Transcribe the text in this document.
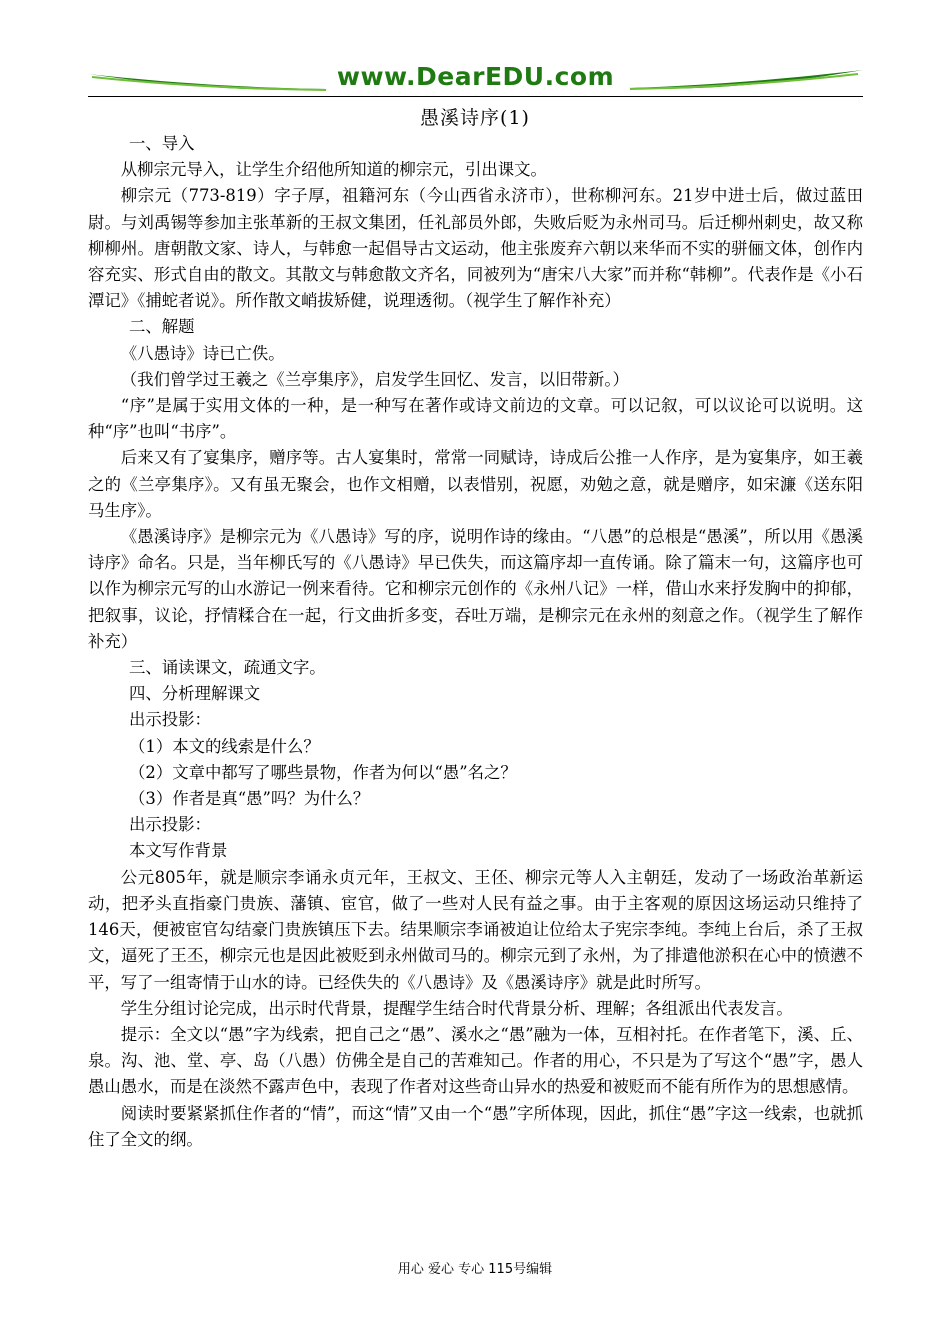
www.DearEDU.com
愚溪诗序(1)

一、导入

从柳宗元导入，让学生介绍他所知道的柳宗元，引出课文。

柳宗元（773-819）字子厚，祖籍河东（今山西省永济市），世称柳河东。21岁中进士后，做过蓝田尉。与刘禹锡等参加主张革新的王叔文集团，任礼部员外郎，失败后贬为永州司马。后迁柳州刺史，故又称柳柳州。唐朝散文家、诗人，与韩愈一起倡导古文运动，他主张废弃六朝以来华而不实的骈俪文体，创作内容充实、形式自由的散文。其散文与韩愈散文齐名，同被列为“唐宋八大家”而并称“韩柳”。代表作是《小石潭记》《捕蛇者说》。所作散文峭拔矫健，说理透彻。（视学生了解作补充）

二、解题

《八愚诗》诗已亡佚。

（我们曾学过王羲之《兰亭集序》，启发学生回忆、发言，以旧带新。）

“序”是属于实用文体的一种，是一种写在著作或诗文前边的文章。可以记叙，可以议论可以说明。这种“序”也叫“书序”。

后来又有了宴集序，赠序等。古人宴集时，常常一同赋诗，诗成后公推一人作序，是为宴集序，如王羲之的《兰亭集序》。又有虽无聚会，也作文相赠，以表惜别，祝愿，劝勉之意，就是赠序，如宋濂《送东阳马生序》。

《愚溪诗序》是柳宗元为《八愚诗》写的序，说明作诗的缘由。“八愚”的总根是“愚溪”，所以用《愚溪诗序》命名。只是，当年柳氏写的《八愚诗》早已佚失，而这篇序却一直传诵。除了篇末一句，这篇序也可以作为柳宗元写的山水游记一例来看待。它和柳宗元创作的《永州八记》一样，借山水来抒发胸中的抑郁，把叙事，议论，抒情糅合在一起，行文曲折多变，吞吐万端，是柳宗元在永州的刻意之作。（视学生了解作补充）

三、诵读课文，疏通文字。

四、分析理解课文

出示投影：

（1）本文的线索是什么？

（2）文章中都写了哪些景物，作者为何以“愚”名之？

（3）作者是真“愚”吗？为什么？

出示投影：

本文写作背景

公元805年，就是顺宗李诵永贞元年，王叔文、王伾、柳宗元等人入主朝廷，发动了一场政治革新运动，把矛头直指豪门贵族、藩镇、宦官，做了一些对人民有益之事。由于主客观的原因这场运动只维持了146天，便被宦官勾结豪门贵族镇压下去。结果顺宗李诵被迫让位给太子宪宗李纯。李纯上台后，杀了王叔文，逼死了王丕，柳宗元也是因此被贬到永州做司马的。柳宗元到了永州，为了排遣他淤积在心中的愤懑不平，写了一组寄情于山水的诗。已经佚失的《八愚诗》及《愚溪诗序》就是此时所写。

学生分组讨论完成，出示时代背景，提醒学生结合时代背景分析、理解；各组派出代表发言。

提示：全文以“愚”字为线索，把自己之“愚”、溪水之“愚”融为一体，互相衬托。在作者笔下，溪、丘、泉。沟、池、堂、亭、岛（八愚）仿佛全是自己的苦难知己。作者的用心，不只是为了写这个“愚”字，愚人愚山愚水，而是在淡然不露声色中，表现了作者对这些奇山异水的热爱和被贬而不能有所作为的思想感情。

阅读时要紧紧抓住作者的“情”，而这“情”又由一个“愚”字所体现，因此，抓住“愚”字这一线索，也就抓住了全文的纲。

用心 爱心 专心 115号编辑
